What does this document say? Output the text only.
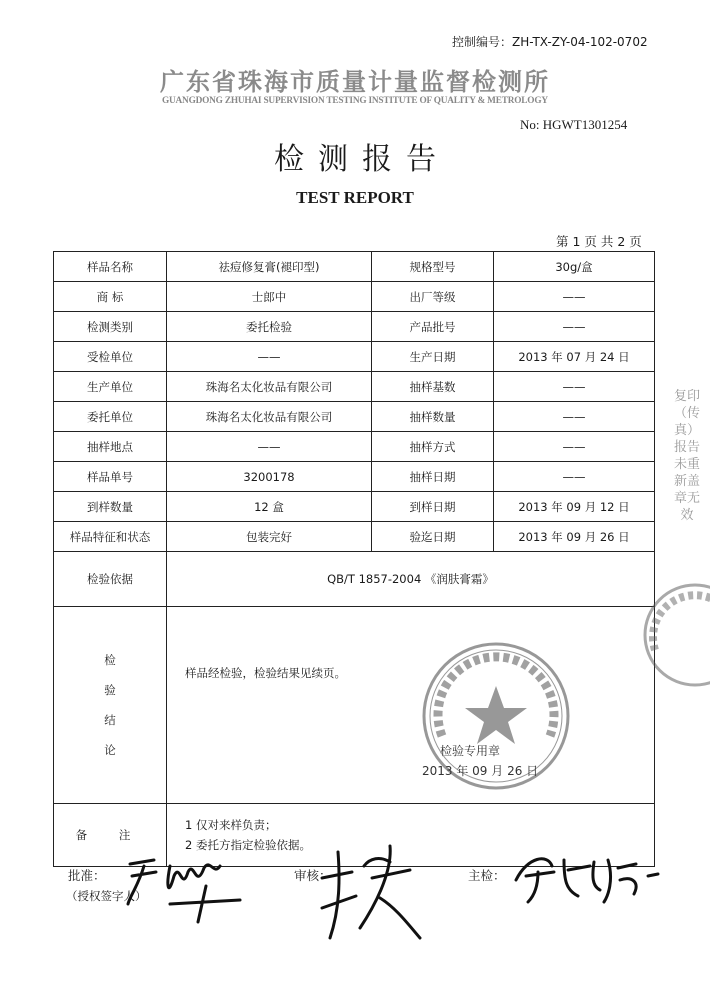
控制编号：ZH-TX-ZY-04-102-0702
广东省珠海市质量计量监督检测所
GUANGDONG ZHUHAI SUPERVISION TESTING INSTITUTE OF QUALITY & METROLOGY
No: HGWT1301254
检测报告
TEST REPORT
第 1 页 共 2 页
样品名称	祛痘修复膏(褪印型)	规格型号	30g/盒
商 标	士郎中	出厂等级	——
检测类别	委托检验	产品批号	——
受检单位	——	生产日期	2013 年 07 月 24 日
生产单位	珠海名太化妆品有限公司	抽样基数	——
委托单位	珠海名太化妆品有限公司	抽样数量	——
抽样地点	——	抽样方式	——
样品单号	3200178	抽样日期	——
到样数量	12 盒	到样日期	2013 年 09 月 12 日
样品特征和状态	包装完好	验迄日期	2013 年 09 月 26 日
检验依据	QB/T 1857-2004 《润肤膏霜》		

检
验
结
论	样品经检验，检验结果见续页。		

备 注	1 仅对来样负责；
2 委托方指定检验依据。		
检验专用章
2013 年 09 月 26 日
复印（传真）报告未重新盖章无效
批准：
（授权签字人）
审核：	主检：
